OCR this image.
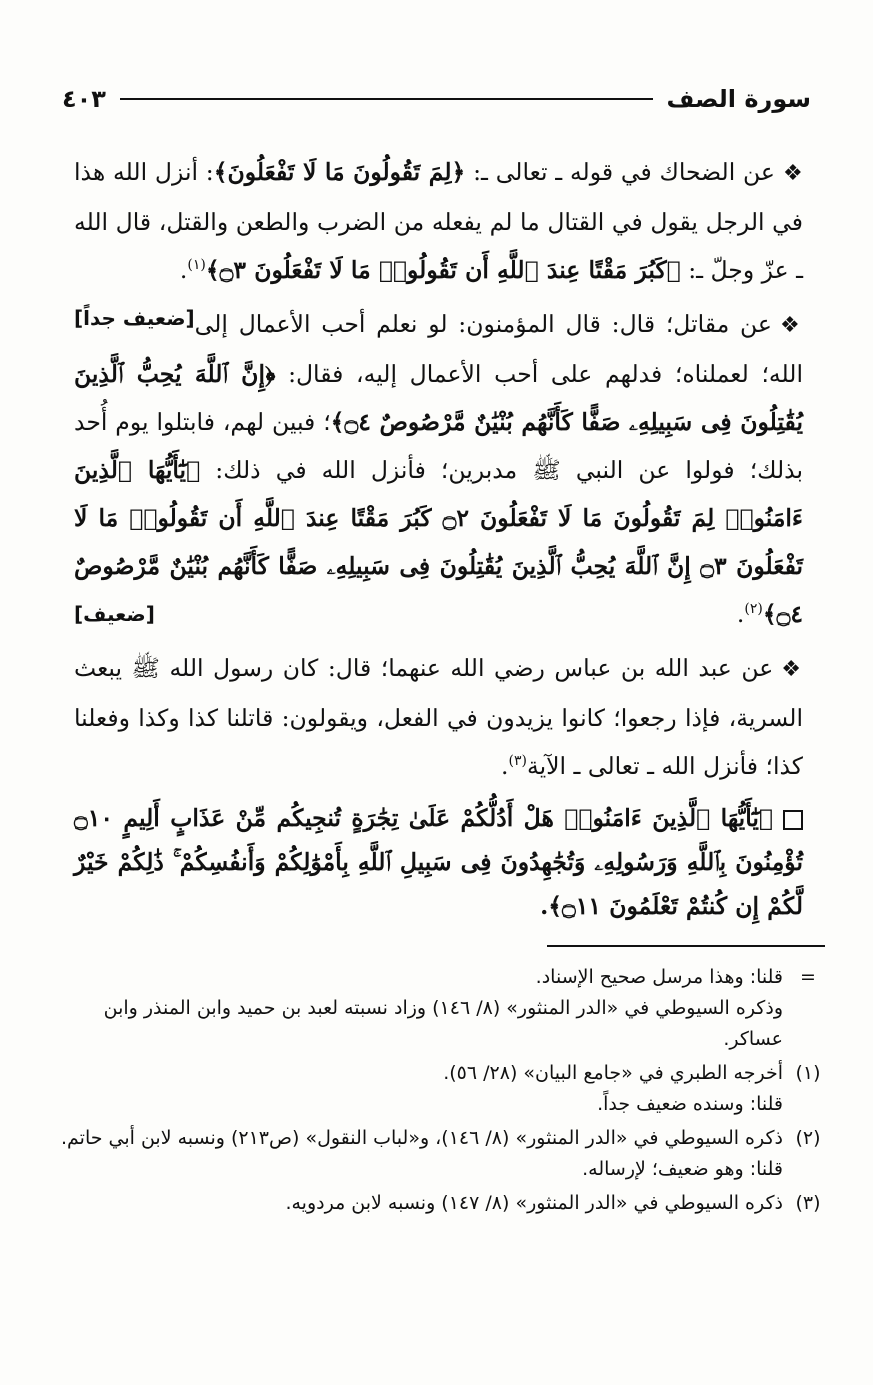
سورة الصف
٤٠٣

❖عن الضحاك في قوله ـ تعالى ـ: ﴿لِمَ تَقُولُونَ مَا لَا تَفْعَلُونَ﴾: أنزل الله هذا في الرجل يقول في القتال ما لم يفعله من الضرب والطعن والقتل، قال الله ـ عزّ وجلّ ـ: ﴿كَبُرَ مَقْتًا عِندَ ٱللَّهِ أَن تَقُولُوا۟ مَا لَا تَفْعَلُونَ ۝٣﴾$^{(١)}$.
[ضعيف جداً]	❖عن مقاتل؛ قال: قال المؤمنون: لو نعلم أحب الأعمال إلى الله؛ لعملناه؛ فدلهم على أحب الأعمال إليه، فقال: ﴿إِنَّ ٱللَّهَ يُحِبُّ ٱلَّذِينَ يُقَٰتِلُونَ فِى سَبِيلِهِۦ صَفًّا كَأَنَّهُم بُنْيَٰنٌ مَّرْصُوصٌ ۝٤﴾؛ فبين لهم، فابتلوا يوم أُحد بذلك؛ فولوا عن النبي ﷺ مدبرين؛ فأنزل الله في ذلك: ﴿يَٰٓأَيُّهَا ٱلَّذِينَ ءَامَنُوا۟ لِمَ تَقُولُونَ مَا لَا تَفْعَلُونَ ۝٢ كَبُرَ مَقْتًا عِندَ ٱللَّهِ أَن تَقُولُوا۟ مَا لَا تَفْعَلُونَ ۝٣ إِنَّ ٱللَّهَ يُحِبُّ ٱلَّذِينَ يُقَٰتِلُونَ فِى سَبِيلِهِۦ صَفًّا كَأَنَّهُم بُنْيَٰنٌ مَّرْصُوصٌ ۝٤﴾$^{(٢)}$.
[ضعيف]

❖عن عبد الله بن عباس رضي الله عنهما؛ قال: كان رسول الله ﷺ يبعث السرية، فإذا رجعوا؛ كانوا يزيدون في الفعل، ويقولون: قاتلنا كذا وكذا وفعلنا كذا؛ فأنزل الله ـ تعالى ـ الآية$^{(٣)}$.

﴿يَٰٓأَيُّهَا ٱلَّذِينَ ءَامَنُوا۟ هَلْ أَدُلُّكُمْ عَلَىٰ تِجَٰرَةٍ تُنجِيكُم مِّنْ عَذَابٍ أَلِيمٍ ۝١٠ تُؤْمِنُونَ بِٱللَّهِ وَرَسُولِهِۦ وَتُجَٰهِدُونَ فِى سَبِيلِ ٱللَّهِ بِأَمْوَٰلِكُمْ وَأَنفُسِكُمْ ۚ ذَٰلِكُمْ خَيْرٌ لَّكُمْ إِن كُنتُمْ تَعْلَمُونَ ۝١١﴾.

=
قلنا: وهذا مرسل صحيح الإسناد.
وذكره السيوطي في «الدر المنثور» (٨/ ١٤٦) وزاد نسبته لعبد بن حميد وابن المنذر وابن عساكر.
(١)
أخرجه الطبري في «جامع البيان» (٢٨/ ٥٦).
قلنا: وسنده ضعيف جداً.
(٢)
ذكره السيوطي في «الدر المنثور» (٨/ ١٤٦)، و«لباب النقول» (ص٢١٣) ونسبه لابن أبي حاتم.
قلنا: وهو ضعيف؛ لإرساله.
(٣)
ذكره السيوطي في «الدر المنثور» (٨/ ١٤٧) ونسبه لابن مردويه.
